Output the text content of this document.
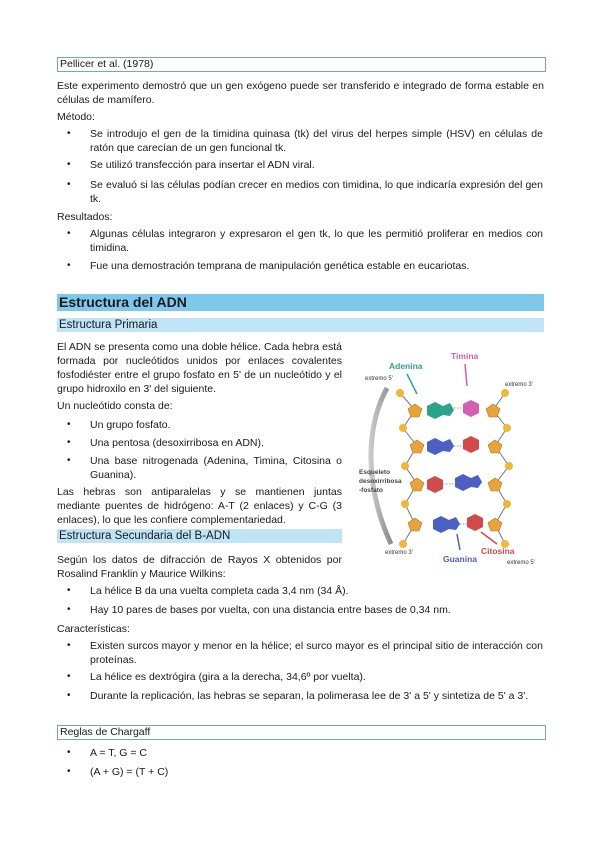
Pellicer et al. (1978)
Este experimento demostró que un gen exógeno puede ser transferido e integrado de forma estable en células de mamífero.
Método:
• Se introdujo el gen de la timidina quinasa (tk) del virus del herpes simple (HSV) en células de ratón que carecían de un gen funcional tk.
• Se utilizó transfección para insertar el ADN viral.
• Se evaluó si las células podían crecer en medios con timidina, lo que indicaría expresión del gen tk.
Resultados:
• Algunas células integraron y expresaron el gen tk, lo que les permitió proliferar en medios con timidina.
• Fue una demostración temprana de manipulación genética estable en eucariotas.
Estructura del ADN
Estructura Primaria
El ADN se presenta como una doble hélice. Cada hebra está formada por nucleótidos unidos por enlaces covalentes fosfodiéster entre el grupo fosfato en 5' de un nucleótido y el grupo hidroxilo en 3' del siguiente.
Un nucleótido consta de:
• Un grupo fosfato.
• Una pentosa (desoxirribosa en ADN).
• Una base nitrogenada (Adenina, Timina, Citosina o Guanina).
Las hebras son antiparalelas y se mantienen juntas mediante puentes de hidrógeno: A-T (2 enlaces) y C-G (3 enlaces), lo que les confiere complementariedad.
Estructura Secundaria del B-ADN
Según los datos de difracción de Rayos X obtenidos por Rosalind Franklin y Maurice Wilkins:
• La hélice B da una vuelta completa cada 3,4 nm (34 Å).
• Hay 10 pares de bases por vuelta, con una distancia entre bases de 0,34 nm.
Características:
• Existen surcos mayor y menor en la hélice; el surco mayor es el principal sitio de interacción con proteínas.
• La hélice es dextrógira (gira a la derecha, 34,6º por vuelta).
• Durante la replicación, las hebras se separan, la polimerasa lee de 3' a 5' y sintetiza de 5' a 3'.
Reglas de Chargaff
• A = T, G = C
• (A + G) = (T + C)
Adenina
Timina
extremo 5'
extremo 3'
Esqueleto
desoxirribosa
-fosfato
extremo 3'	Citosina
Guanina	extremo 5'
